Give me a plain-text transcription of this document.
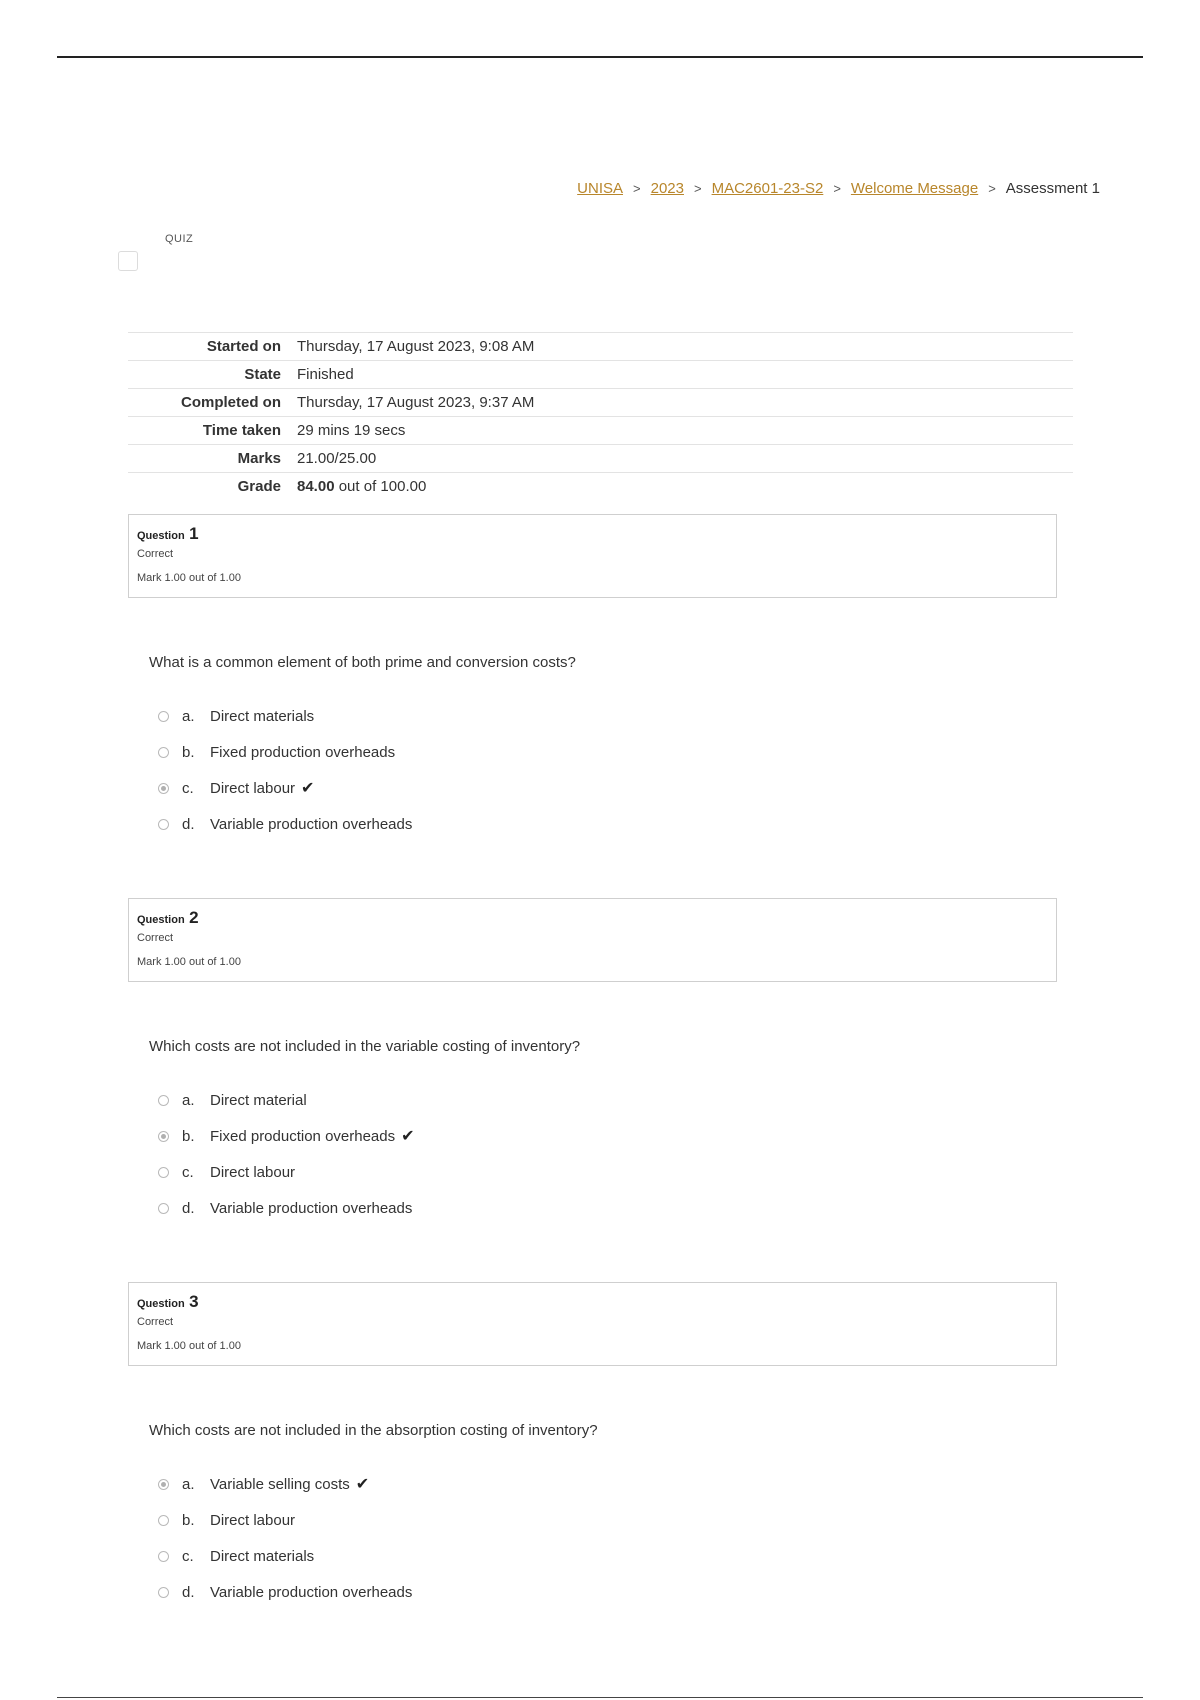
UNISA > 2023 > MAC2601-23-S2 > Welcome Message > Assessment 1
QUIZ
Started on	Thursday, 17 August 2023, 9:08 AM
State	Finished
Completed on	Thursday, 17 August 2023, 9:37 AM
Time taken	29 mins 19 secs
Marks	21.00/25.00
Grade	84.00 out of 100.00
Question 1
Correct
Mark 1.00 out of 1.00
What is a common element of both prime and conversion costs?
a.	Direct materials
b.	Fixed production overheads
c.	Direct labour ✔
d.	Variable production overheads
Question 2
Correct
Mark 1.00 out of 1.00
Which costs are not included in the variable costing of inventory?
a.	Direct material
b.	Fixed production overheads ✔
c.	Direct labour
d.	Variable production overheads
Question 3
Correct
Mark 1.00 out of 1.00
Which costs are not included in the absorption costing of inventory?
a.	Variable selling costs ✔
b.	Direct labour
c.	Direct materials
d.	Variable production overheads
